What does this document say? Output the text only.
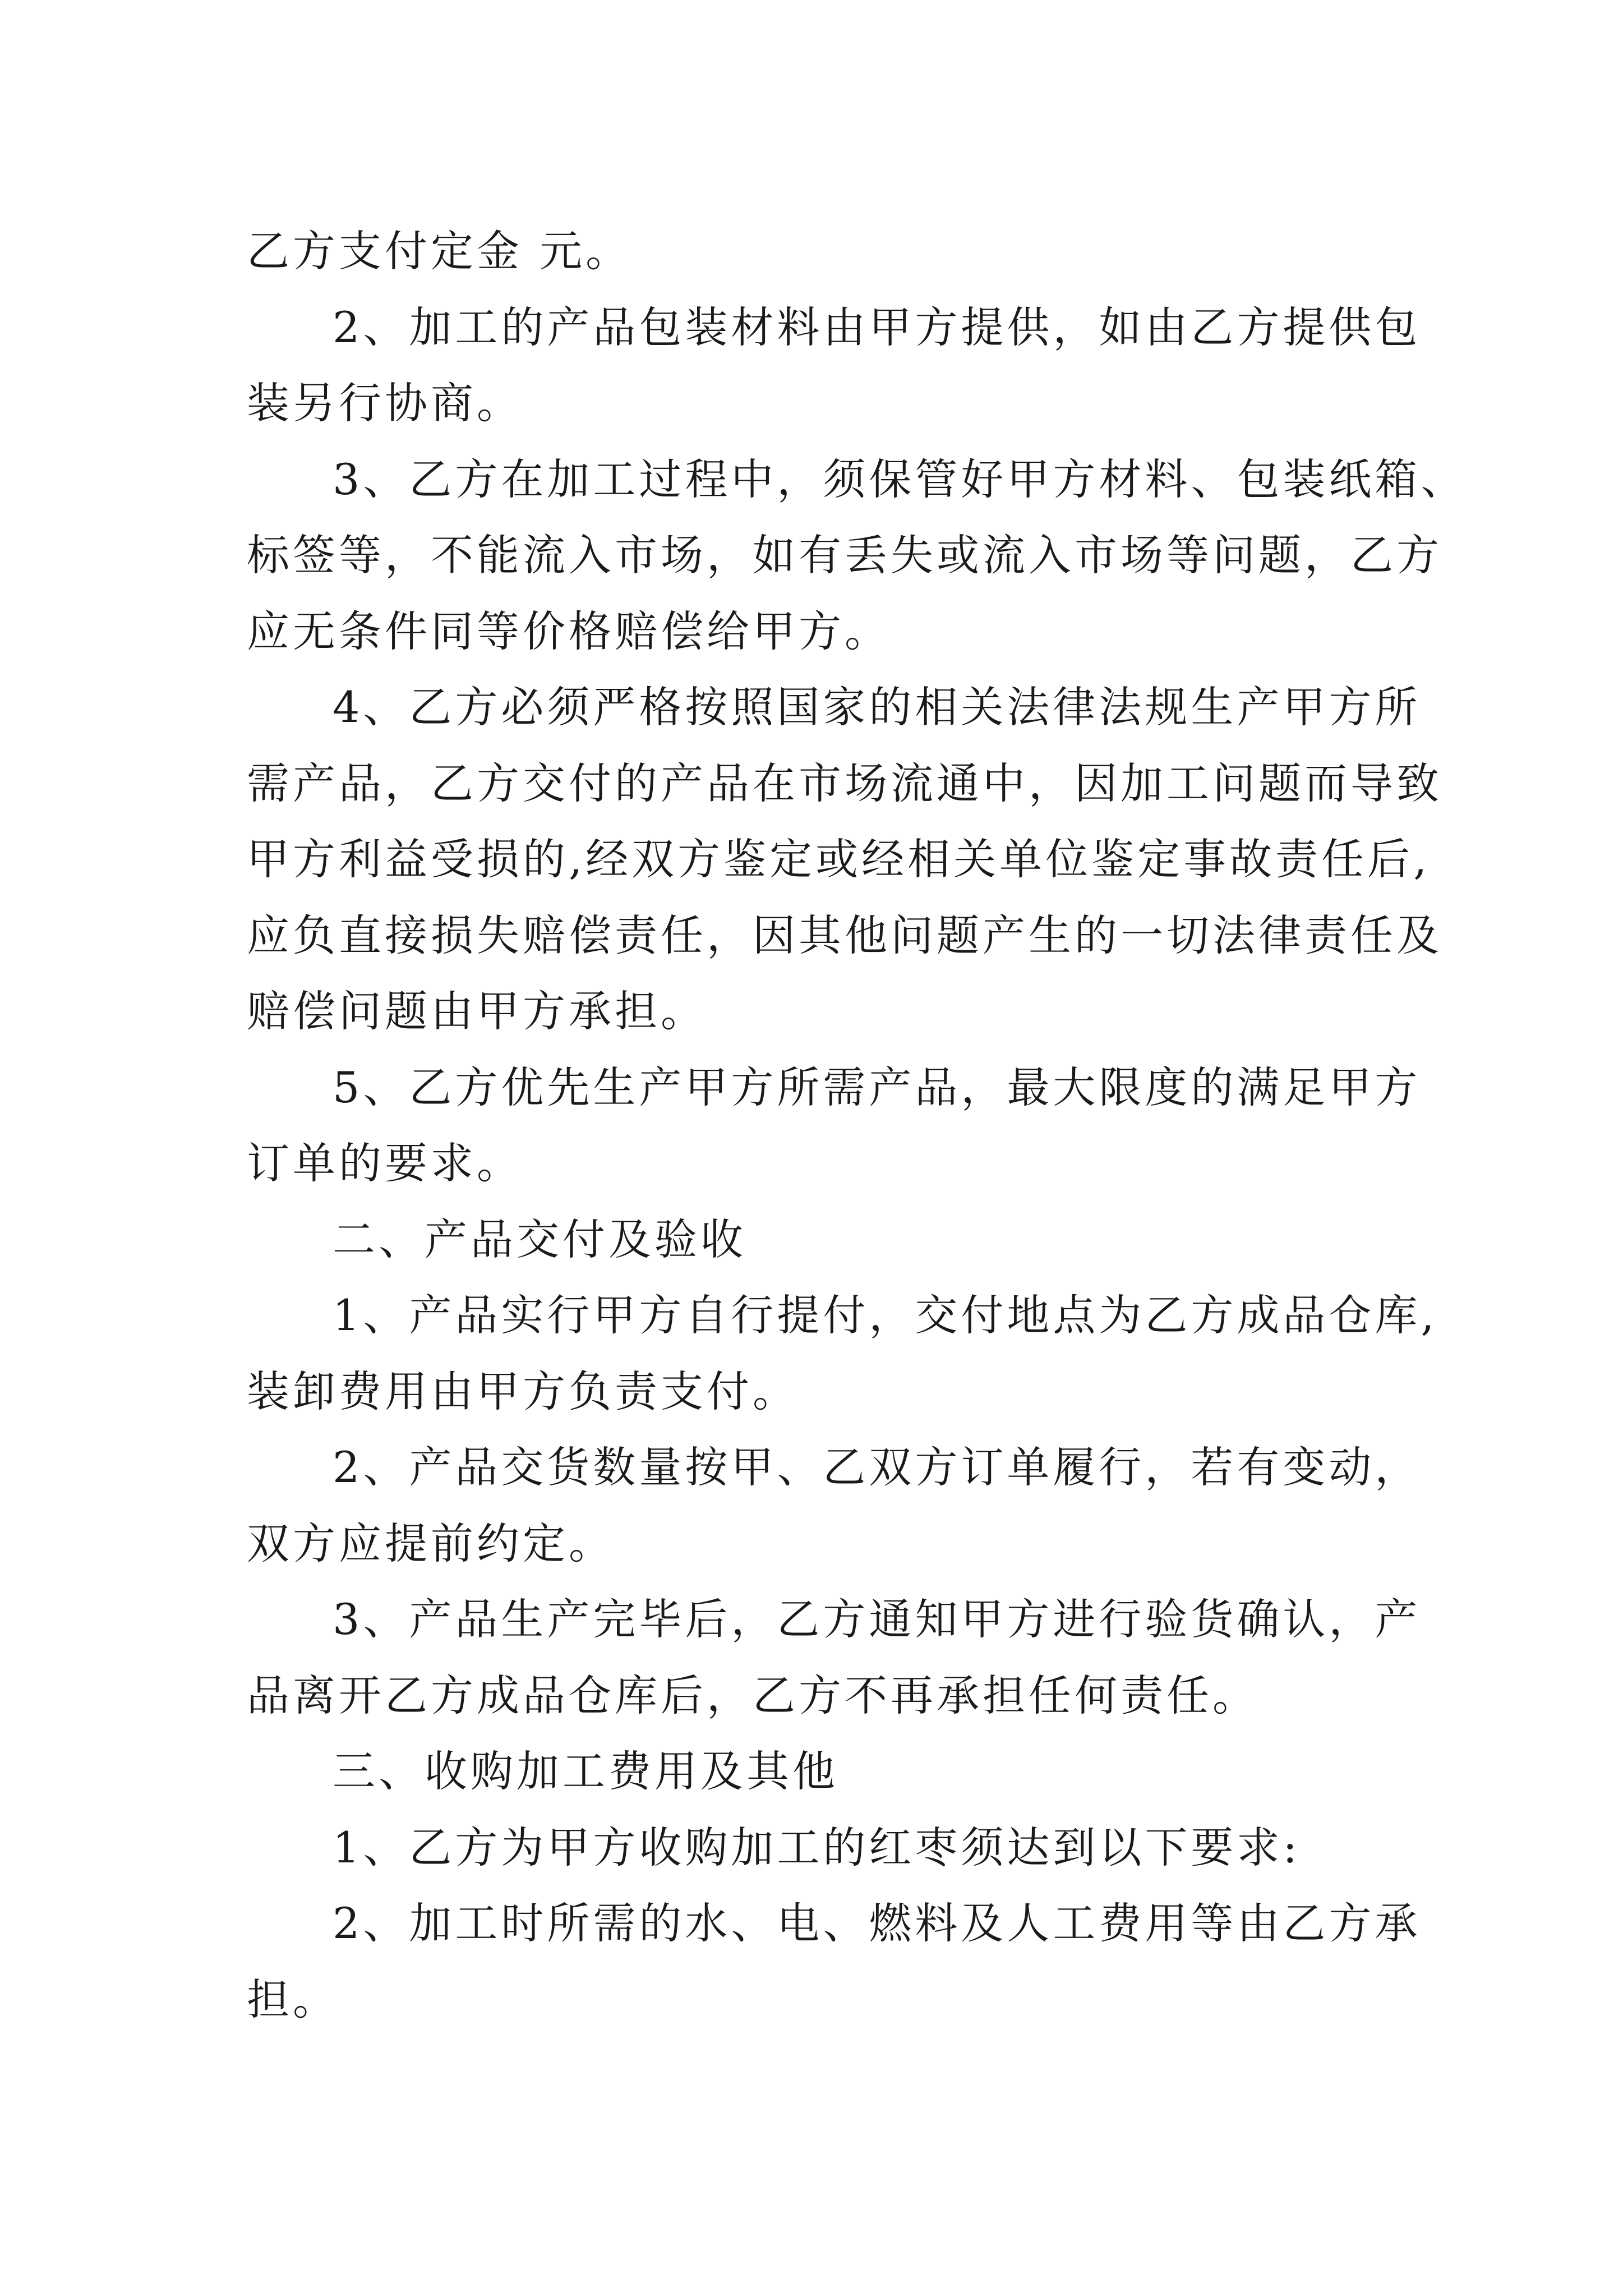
乙方支付定金 元。
2、加工的产品包装材料由甲方提供，如由乙方提供包
装另行协商。
3、乙方在加工过程中，须保管好甲方材料、包装纸箱、
标签等，不能流入市场，如有丢失或流入市场等问题，乙方
应无条件同等价格赔偿给甲方。
4、乙方必须严格按照国家的相关法律法规生产甲方所
需产品，乙方交付的产品在市场流通中，因加工问题而导致
甲方利益受损的,经双方鉴定或经相关单位鉴定事故责任后,
应负直接损失赔偿责任，因其他问题产生的一切法律责任及
赔偿问题由甲方承担。
5、乙方优先生产甲方所需产品，最大限度的满足甲方
订单的要求。
二、产品交付及验收
1、产品实行甲方自行提付，交付地点为乙方成品仓库,
装卸费用由甲方负责支付。
2、产品交货数量按甲、乙双方订单履行，若有变动，
双方应提前约定。
3、产品生产完毕后，乙方通知甲方进行验货确认，产
品离开乙方成品仓库后，乙方不再承担任何责任。
三、收购加工费用及其他
1、乙方为甲方收购加工的红枣须达到以下要求:
2、加工时所需的水、电、燃料及人工费用等由乙方承
担。
